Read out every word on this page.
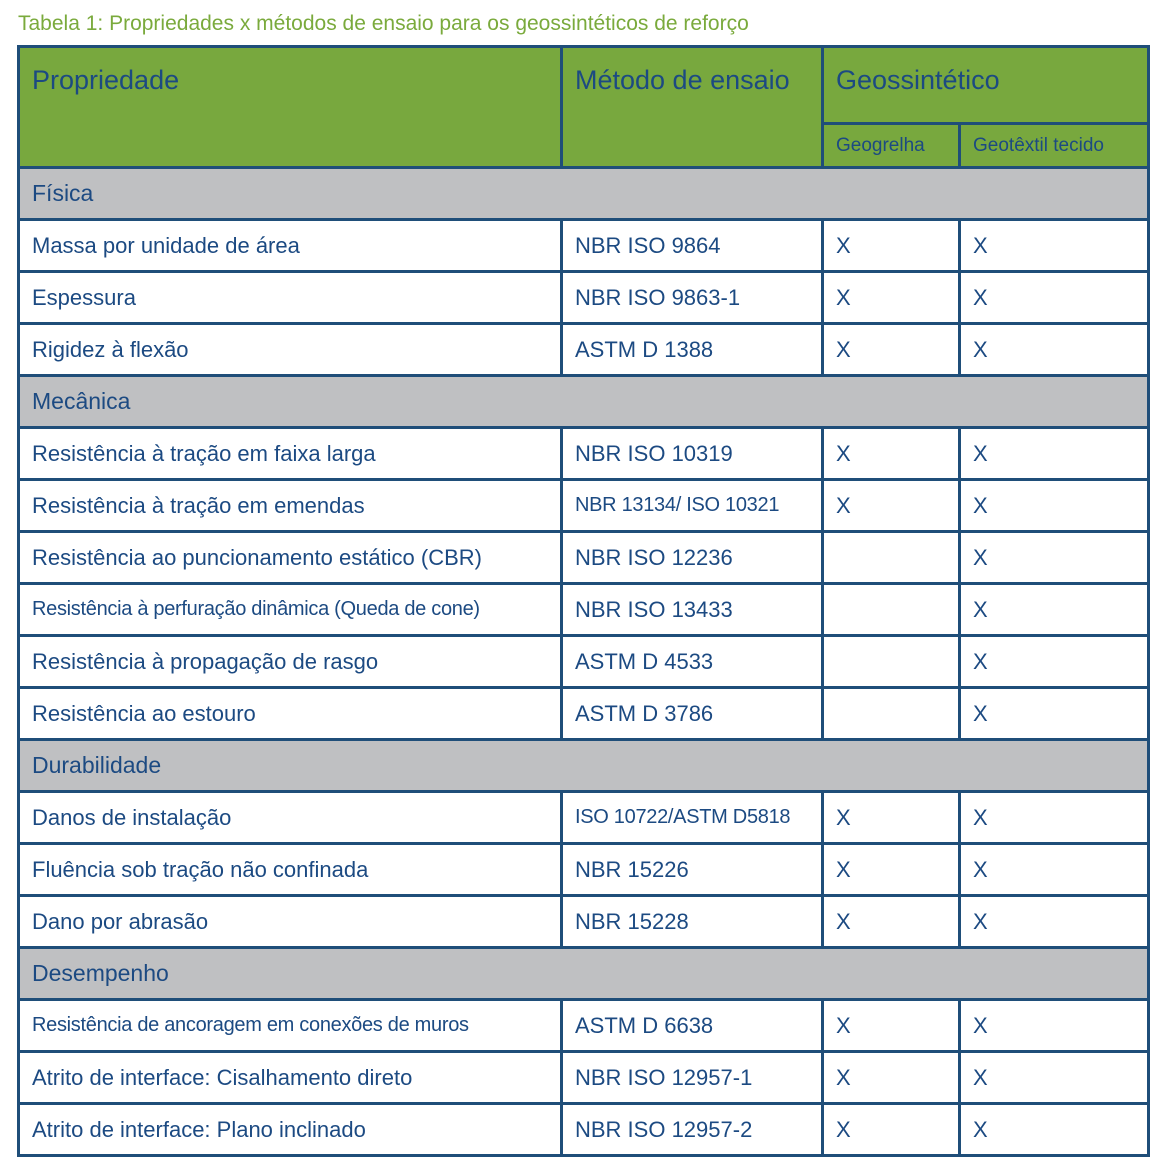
Tabela 1: Propriedades x métodos de ensaio para os geossintéticos de reforço
Propriedade	Método de ensaio	Geossintético	
		Geogrelha	Geotêxtil tecido
Física			
Massa por unidade de área	NBR ISO 9864	X	X
Espessura	NBR ISO 9863-1	X	X
Rigidez à flexão	ASTM D 1388	X	X
Mecânica			
Resistência à tração em faixa larga	NBR ISO 10319	X	X
Resistência à tração em emendas	NBR 13134/ ISO 10321	X	X
Resistência ao puncionamento estático (CBR)	NBR ISO 12236		X
Resistência à perfuração dinâmica (Queda de cone)	NBR ISO 13433		X
Resistência à propagação de rasgo	ASTM D 4533		X
Resistência ao estouro	ASTM D 3786		X
Durabilidade			
Danos de instalação	ISO 10722/ASTM D5818	X	X
Fluência sob tração não confinada	NBR 15226	X	X
Dano por abrasão	NBR 15228	X	X
Desempenho			
Resistência de ancoragem em conexões de muros	ASTM D 6638	X	X
Atrito de interface: Cisalhamento direto	NBR ISO 12957-1	X	X
Atrito de interface: Plano inclinado	NBR ISO 12957-2	X	X
